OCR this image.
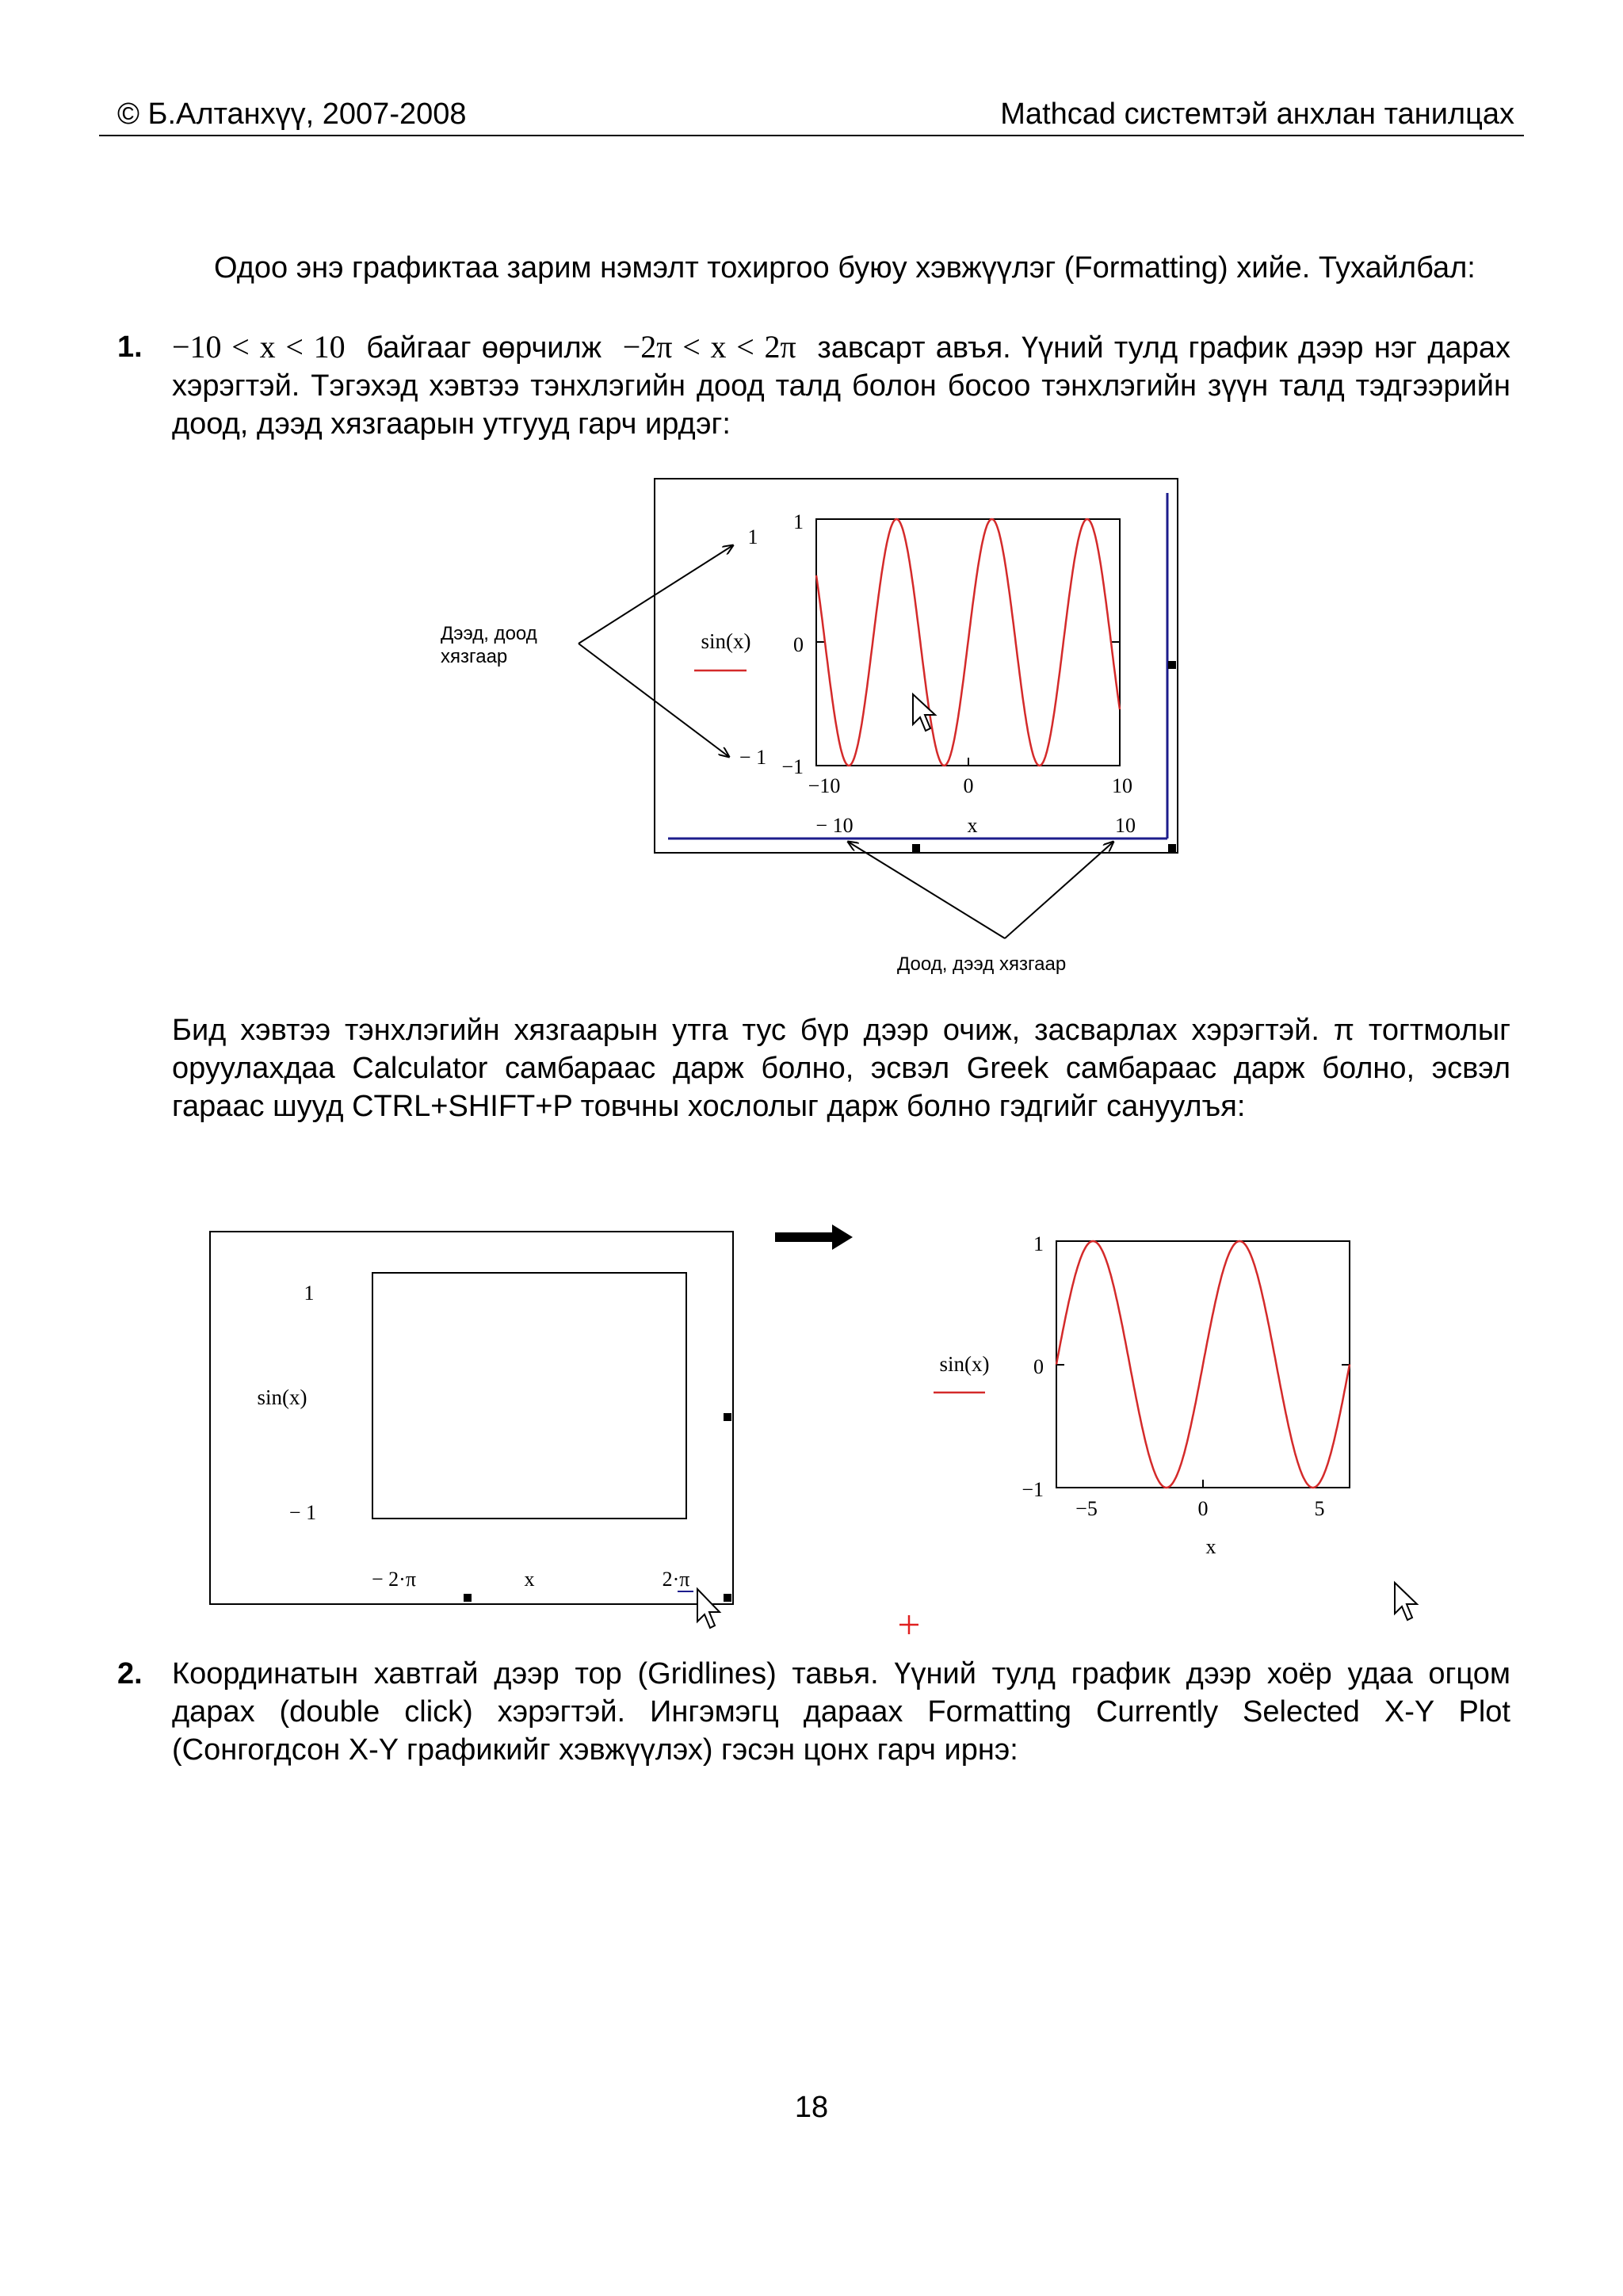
© Б.Алтанхүү, 2007-2008	Mathcad системтэй анхлан танилцах
Одоо энэ графиктаа зарим нэмэлт тохиргоо буюу хэвжүүлэг (Formatting) хийе. Тухайлбал:
1. −10 < x < 10 байгааг өөрчилж −2π < x < 2π завсарт авъя. Үүний тулд график дээр нэг дарах хэрэгтэй. Тэгэхэд хэвтээ тэнхлэгийн доод талд болон босоо тэнхлэгийн зүүн талд тэдгээрийн доод, дээд хязгаарын утгууд гарч ирдэг:
1
0
−1
−10	0	10
sin(x)
1
− 1
− 10	x	10
Дээд, доод
хязгаар
Доод, дээд хязгаар
Бид хэвтээ тэнхлэгийн хязгаарын утга тус бүр дээр очиж, засварлах хэрэгтэй. π тогтмолыг оруулахдаа Calculator самбараас дарж болно, эсвэл Greek самбараас дарж болно, эсвэл гараас шууд CTRL+SHIFT+P товчны хослолыг дарж болно гэдгийг сануулъя:
1
sin(x)
− 1
− 2·π	x	2·π
1
0
−1
−5	0	5
sin(x)
x
2. Координатын хавтгай дээр тор (Gridlines) тавья. Үүний тулд график дээр хоёр удаа огцом дарах (double click) хэрэгтэй. Ингэмэгц дараах Formatting Currently Selected X-Y Plot (Сонгогдсон X-Y графикийг хэвжүүлэх) гэсэн цонх гарч ирнэ:
18
